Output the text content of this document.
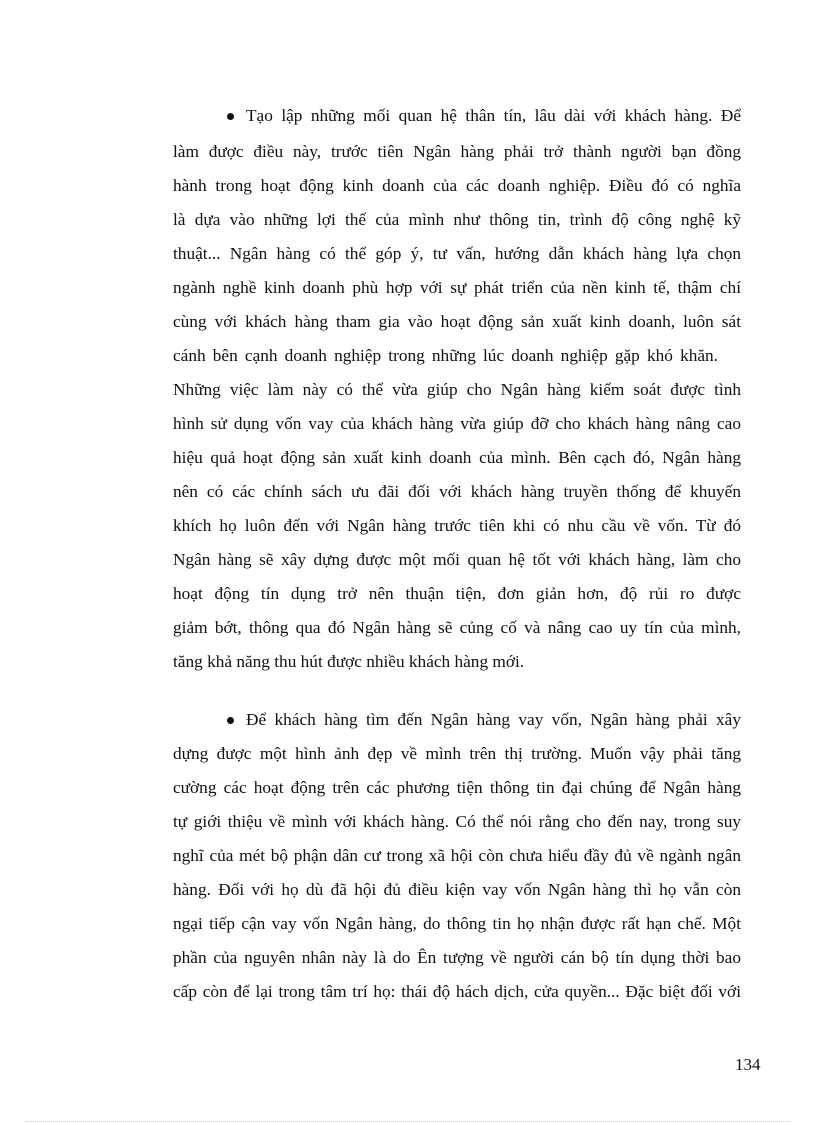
Tạo lập những mối quan hệ thân tín, lâu dài với khách hàng. Để
làm được điều này, trước tiên Ngân hàng phải trở thành người bạn đồng
hành trong hoạt động kinh doanh của các doanh nghiệp. Điều đó có nghĩa
là dựa vào những lợi thế của mình như thông tin, trình độ công nghệ kỹ
thuật... Ngân hàng có thể góp ý, tư vấn, hướng dẫn khách hàng lựa chọn
ngành nghề kinh doanh phù hợp với sự phát triển của nền kinh tế, thậm chí
cùng với khách hàng tham gia vào hoạt động sản xuất kinh doanh, luôn sát
cánh bên cạnh doanh nghiệp trong những lúc doanh nghiệp gặp khó khăn.
Những việc làm này có thể vừa giúp cho Ngân hàng kiểm soát được tình
hình sử dụng vốn vay của khách hàng vừa giúp đỡ cho khách hàng nâng cao
hiệu quả hoạt động sản xuất kinh doanh của mình. Bên cạch đó, Ngân hàng
nên có các chính sách ưu đãi đối với khách hàng truyền thống để khuyến
khích họ luôn đến với Ngân hàng trước tiên khi có nhu cầu về vốn. Từ đó
Ngân hàng sẽ xây dựng được một mối quan hệ tốt với khách hàng, làm cho
hoạt động tín dụng trở nên thuận tiện, đơn giản hơn, độ rủi ro được
giảm bớt, thông qua đó Ngân hàng sẽ củng cố và nâng cao uy tín của mình,
tăng khả năng thu hút được nhiều khách hàng mới.
Để khách hàng tìm đến Ngân hàng vay vốn, Ngân hàng phải xây
dựng được một hình ảnh đẹp về mình trên thị trường. Muốn vậy phải tăng
cường các hoạt động trên các phương tiện thông tin đại chúng để Ngân hàng
tự giới thiệu về mình với khách hàng. Có thể nói rằng cho đến nay, trong suy
nghĩ của mét bộ phận dân cư trong xã hội còn chưa hiểu đầy đủ về ngành ngân
hàng. Đối với họ dù đã hội đủ điều kiện vay vốn Ngân hàng thì họ vẫn còn
ngại tiếp cận vay vốn Ngân hàng, do thông tin họ nhận được rất hạn chế. Một
phần của nguyên nhân này là do Ên tượng về người cán bộ tín dụng thời bao
cấp còn để lại trong tâm trí họ: thái độ hách dịch, cửa quyền... Đặc biệt đối với
134
